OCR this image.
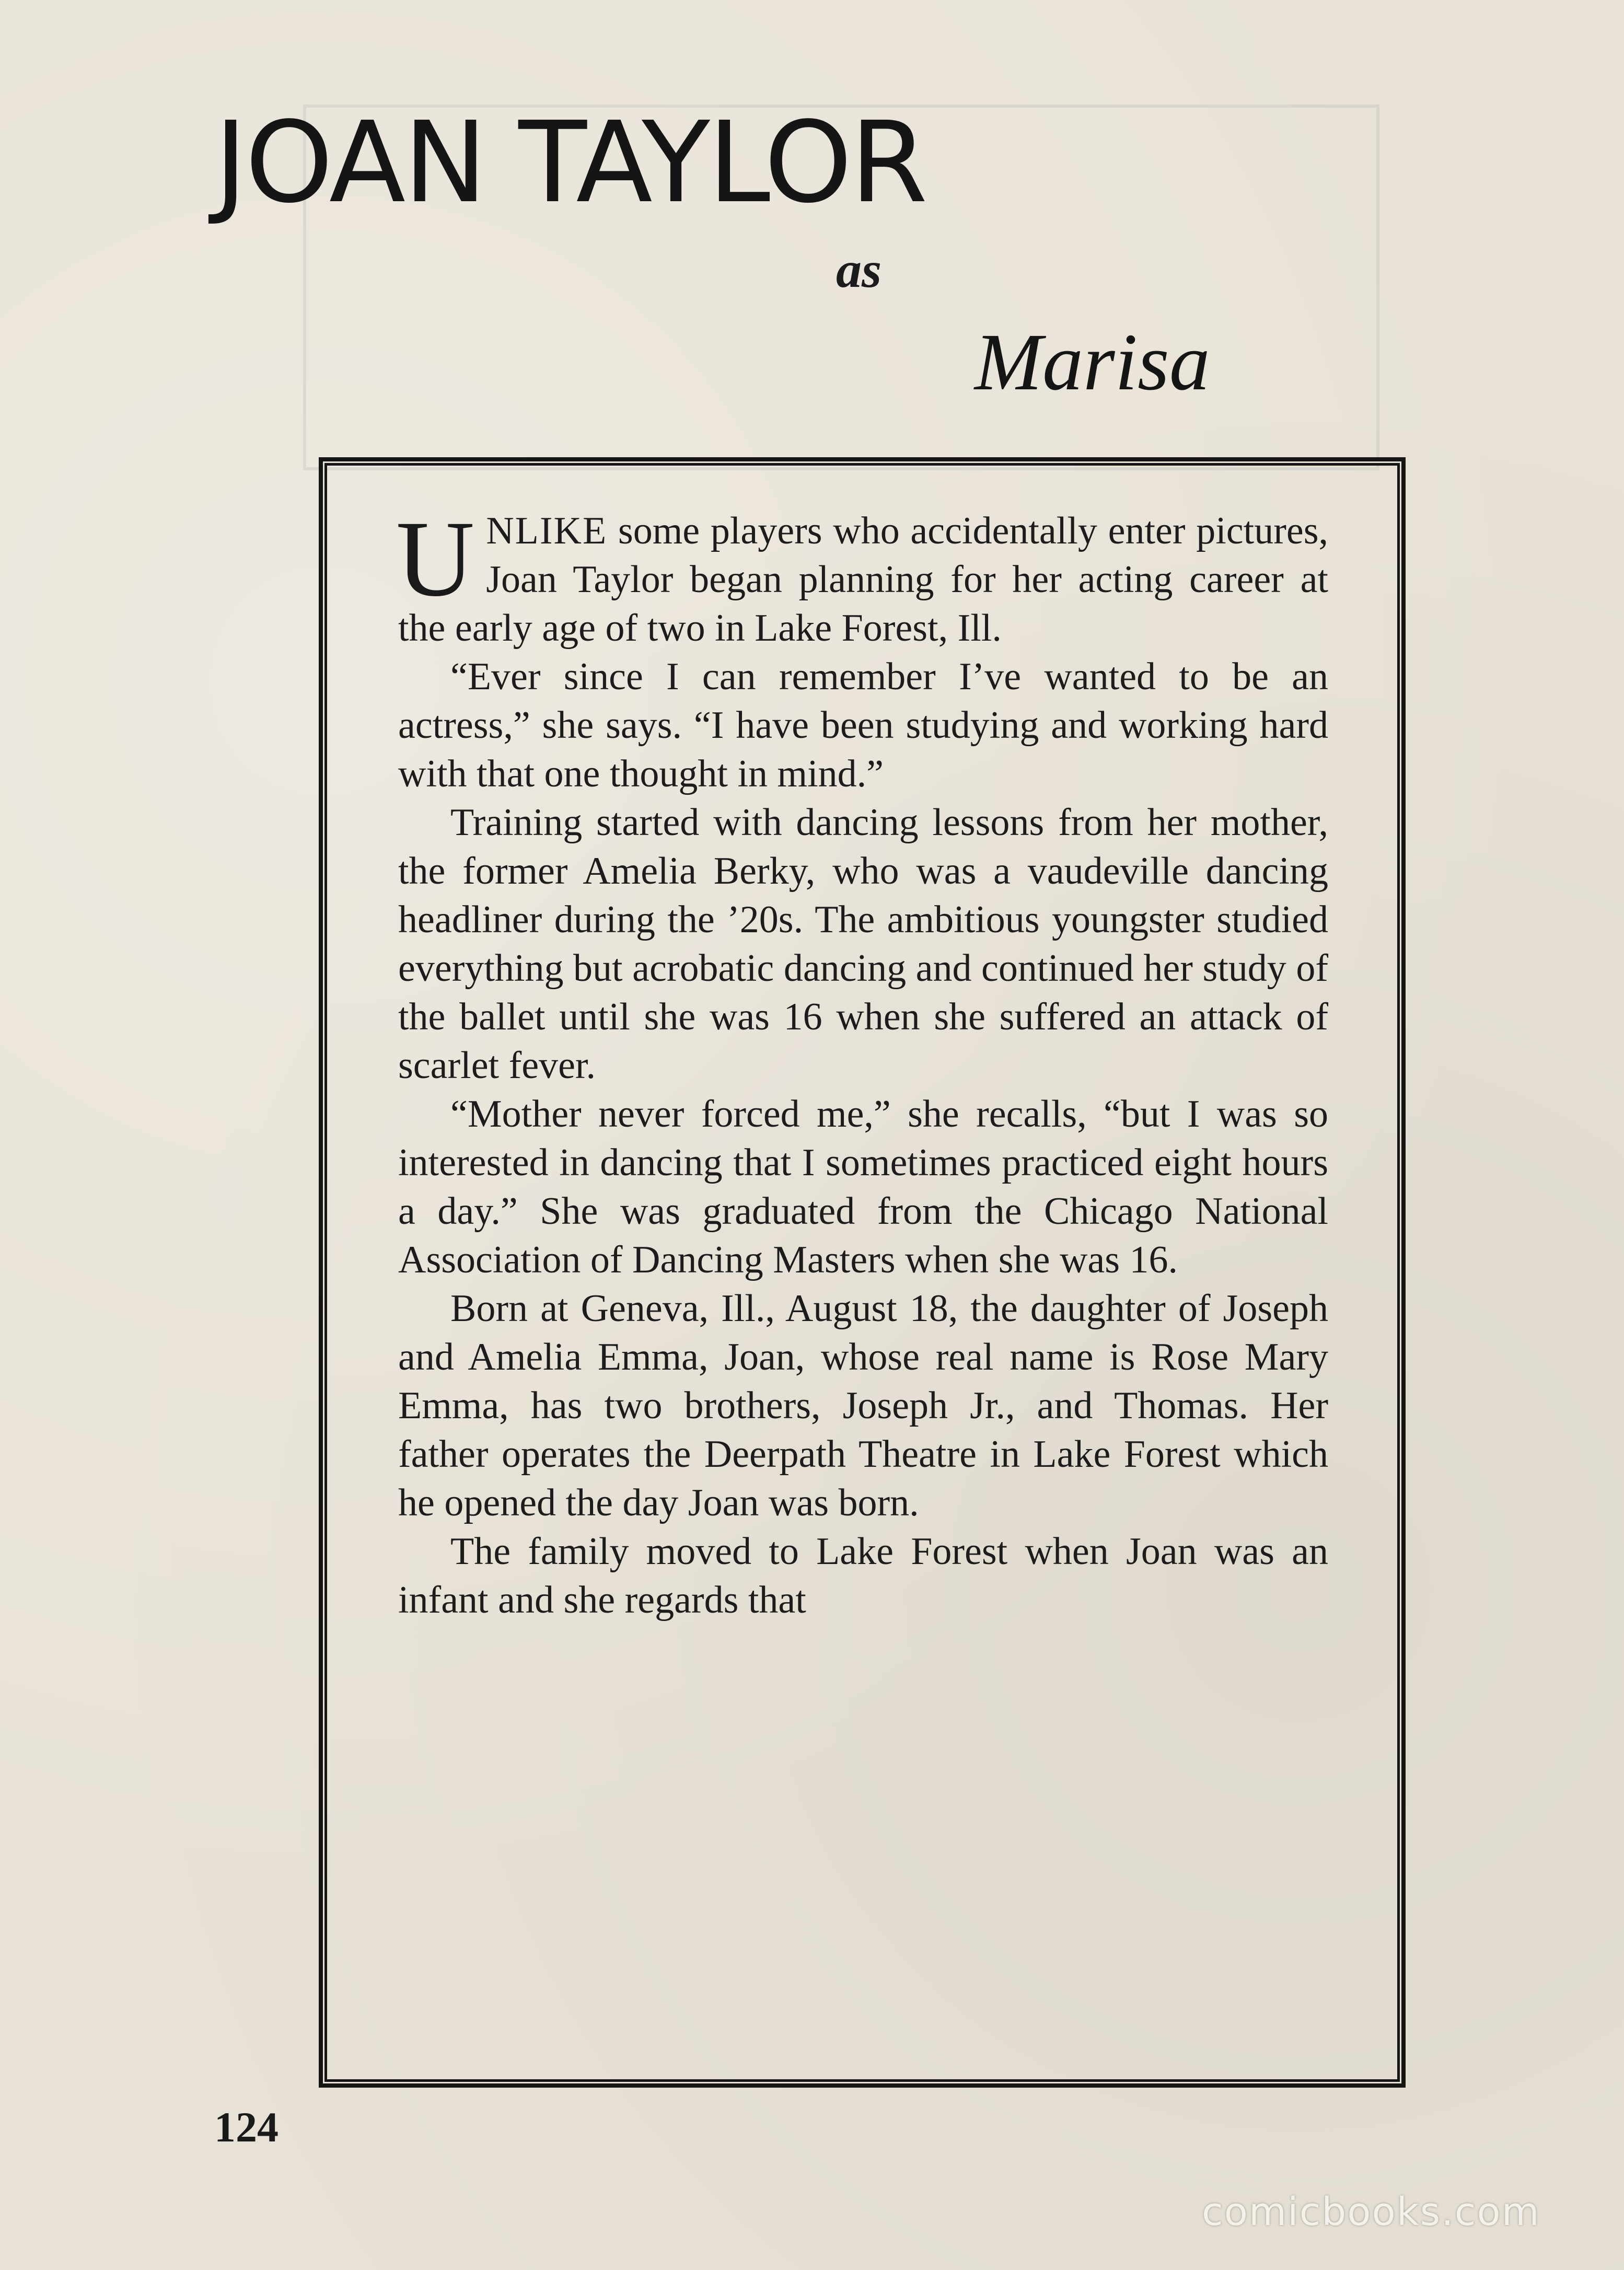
JOAN TAYLOR
as
Marisa

UNLIKE some players who accidentally enter pictures, Joan Taylor began planning for her acting career at the early age of two in Lake Forest, Ill.

“Ever since I can remember I’ve wanted to be an actress,” she says. “I have been studying and working hard with that one thought in mind.”

Training started with dancing lessons from her mother, the former Amelia Berky, who was a vaudeville dancing headliner during the ’20s. The ambitious youngster studied everything but acrobatic dancing and continued her study of the ballet until she was 16 when she suffered an attack of scarlet fever.

“Mother never forced me,” she recalls, “but I was so interested in dancing that I sometimes practiced eight hours a day.” She was graduated from the Chicago National Association of Dancing Masters when she was 16.

Born at Geneva, Ill., August 18, the daughter of Joseph and Amelia Emma, Joan, whose real name is Rose Mary Emma, has two brothers, Joseph Jr., and Thomas. Her father operates the Deerpath Theatre in Lake Forest which he opened the day Joan was born.

The family moved to Lake Forest when Joan was an infant and she regards that

124
comicbooks.com
